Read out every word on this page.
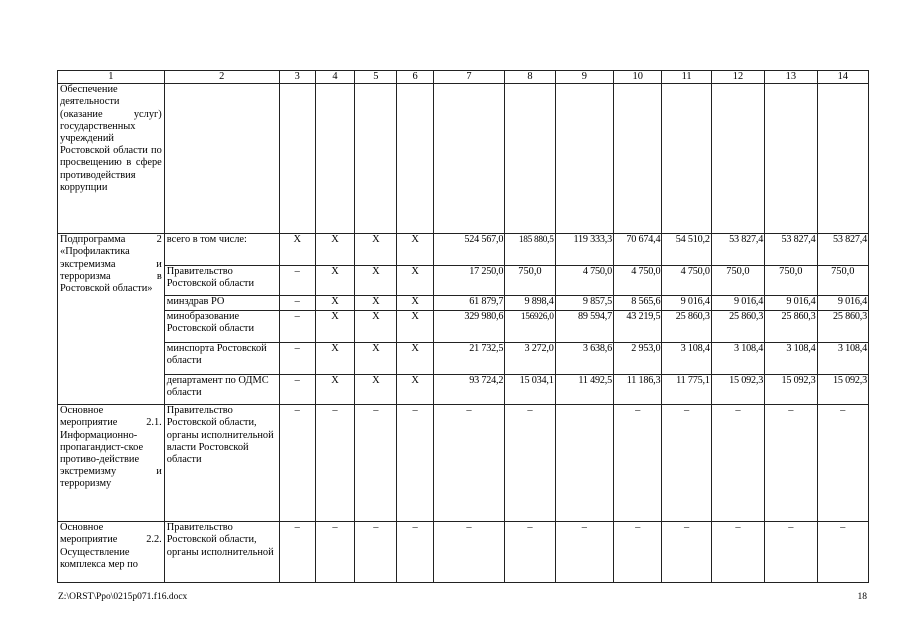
1	2	3	4	5	6	7	8	9	10	11	12	13	14
Обеспечение деятельности (оказание услуг) государственных учреждений Ростовской области по просвещению в сфере противодействия коррупции													
Подпрограмма 2 «Профилактика экстремизма и терроризма в Ростовской области»	всего в том числе:	X	X	X	X	524 567,0	185 880,5	119 333,3	70 674,4	54 510,2	53 827,4	53 827,4	53 827,4
	Правительство Ростовской области	–	X	X	X	17 250,0	750,0	4 750,0	4 750,0	4 750,0	750,0	750,0	750,0
	минздрав РО	–	X	X	X	61 879,7	9 898,4	9 857,5	8 565,6	9 016,4	9 016,4	9 016,4	9 016,4
	минобразование Ростовской области	–	X	X	X	329 980,6	156926,0	89 594,7	43 219,5	25 860,3	25 860,3	25 860,3	25 860,3
	минспорта Ростовской области	–	X	X	X	21 732,5	3 272,0	3 638,6	2 953,0	3 108,4	3 108,4	3 108,4	3 108,4
	департамент по ОДМС области	–	X	X	X	93 724,2	15 034,1	11 492,5	11 186,3	11 775,1	15 092,3	15 092,3	15 092,3
Основное мероприятие 2.1. Информационно-пропагандист-ское противо-действие экстремизму и терроризму	Правительство Ростовской области, органы исполнительной власти Ростовской области	–	–	–	–	–	–		–	–	–	–	–
Основное мероприятие 2.2. Осуществление комплекса мер по	Правительство Ростовской области, органы исполнительной	–	–	–	–	–	–	–	–	–	–	–	–
Z:\ORST\Ppo\0215p071.f16.docx	18
